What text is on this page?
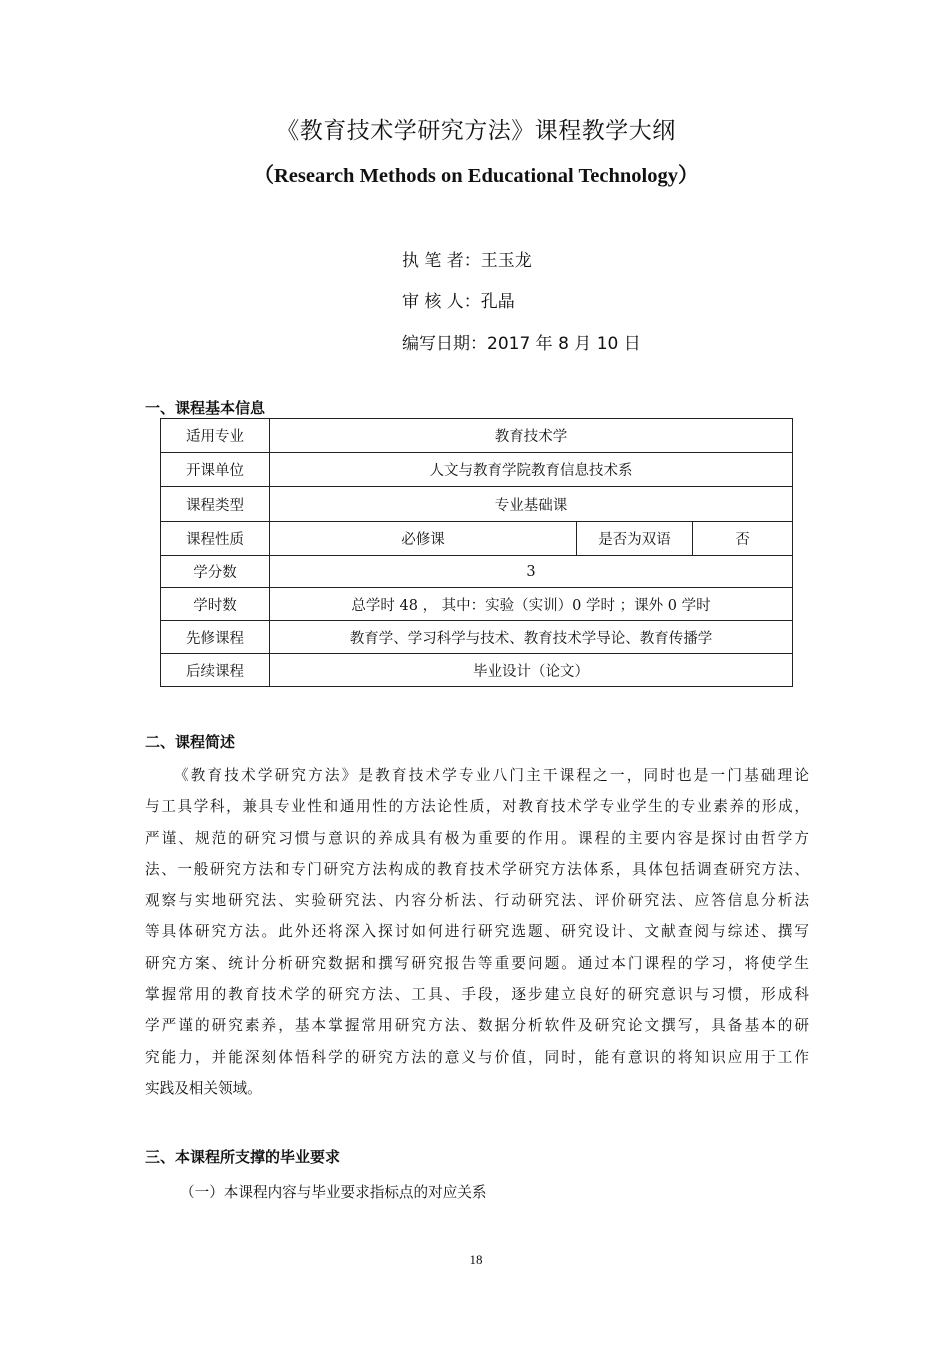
《教育技术学研究方法》课程教学大纲
（Research Methods on Educational Technology）
执 笔 者：王玉龙
审 核 人：孔晶
编写日期：2017 年 8 月 10 日
一、课程基本信息
适用专业	教育技术学		
开课单位	人文与教育学院教育信息技术系		
课程类型	专业基础课		
课程性质	必修课	是否为双语	否
学分数	3		
学时数	总学时 48 ， 其中：实验（实训）0 学时 ；课外 0 学时		
先修课程	教育学、学习科学与技术、教育技术学导论、教育传播学		
后续课程	毕业设计（论文）		
二、课程简述
《教育技术学研究方法》是教育技术学专业八门主干课程之一，同时也是一门基础理论
与工具学科，兼具专业性和通用性的方法论性质，对教育技术学专业学生的专业素养的形成，
严谨、规范的研究习惯与意识的养成具有极为重要的作用。课程的主要内容是探讨由哲学方
法、一般研究方法和专门研究方法构成的教育技术学研究方法体系，具体包括调查研究方法、
观察与实地研究法、实验研究法、内容分析法、行动研究法、评价研究法、应答信息分析法
等具体研究方法。此外还将深入探讨如何进行研究选题、研究设计、文献查阅与综述、撰写
研究方案、统计分析研究数据和撰写研究报告等重要问题。通过本门课程的学习，将使学生
掌握常用的教育技术学的研究方法、工具、手段，逐步建立良好的研究意识与习惯，形成科
学严谨的研究素养，基本掌握常用研究方法、数据分析软件及研究论文撰写，具备基本的研
究能力，并能深刻体悟科学的研究方法的意义与价值，同时，能有意识的将知识应用于工作
实践及相关领域。
三、本课程所支撑的毕业要求
（一）本课程内容与毕业要求指标点的对应关系
18
